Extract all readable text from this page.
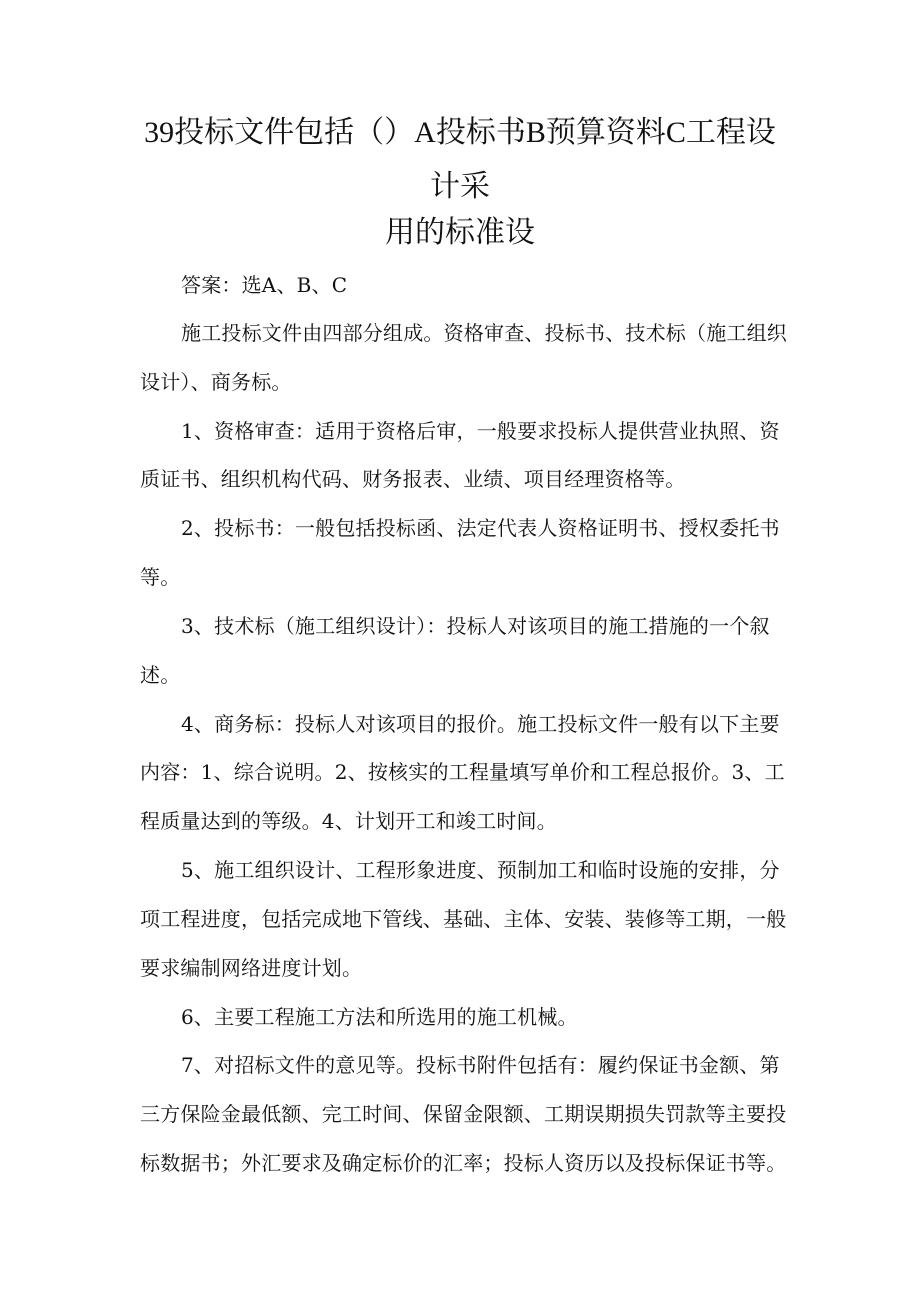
39投标文件包括（）A投标书B预算资料C工程设
计采
用的标准设
答案：选A、B、C
施工投标文件由四部分组成。资格审查、投标书、技术标（施工组织
设计）、商务标。
1、资格审查：适用于资格后审，一般要求投标人提供营业执照、资
质证书、组织机构代码、财务报表、业绩、项目经理资格等。
2、投标书：一般包括投标函、法定代表人资格证明书、授权委托书
等。
3、技术标（施工组织设计）：投标人对该项目的施工措施的一个叙
述。
4、商务标：投标人对该项目的报价。施工投标文件一般有以下主要
内容：1、综合说明。2、按核实的工程量填写单价和工程总报价。3、工
程质量达到的等级。4、计划开工和竣工时间。
5、施工组织设计、工程形象进度、预制加工和临时设施的安排，分
项工程进度，包括完成地下管线、基础、主体、安装、装修等工期，一般
要求编制网络进度计划。
6、主要工程施工方法和所选用的施工机械。
7、对招标文件的意见等。投标书附件包括有：履约保证书金额、第
三方保险金最低额、完工时间、保留金限额、工期误期损失罚款等主要投
标数据书；外汇要求及确定标价的汇率；投标人资历以及投标保证书等。
